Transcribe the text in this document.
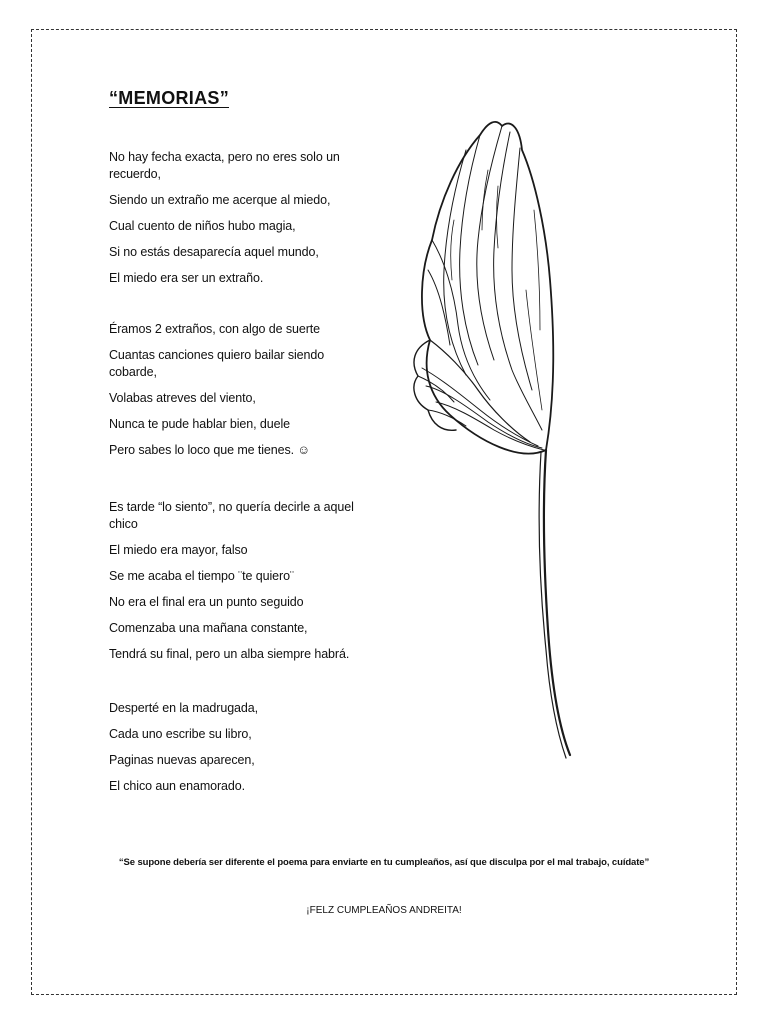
“MEMORIAS”

No hay fecha exacta, pero no eres solo un recuerdo,

Siendo un extraño me acerque al miedo,

Cual cuento de niños hubo magia,

Si no estás desaparecía aquel mundo,

El miedo era ser un extraño.

Éramos 2 extraños, con algo de suerte

Cuantas canciones quiero bailar siendo cobarde,

Volabas atreves del viento,

Nunca te pude hablar bien, duele

Pero sabes lo loco que me tienes. ☺

Es tarde “lo siento”, no quería decirle a aquel chico

El miedo era mayor, falso

Se me acaba el tiempo ¨te quiero¨

No era el final era un punto seguido

Comenzaba una mañana constante,

Tendrá su final, pero un alba siempre habrá.

Desperté en la madrugada,

Cada uno escribe su libro,

Paginas nuevas aparecen,

El chico aun enamorado.

“Se supone debería ser diferente el poema para enviarte en tu cumpleaños, así que disculpa por el mal trabajo, cuídate”

¡FELZ CUMPLEAÑOS ANDREITA!
